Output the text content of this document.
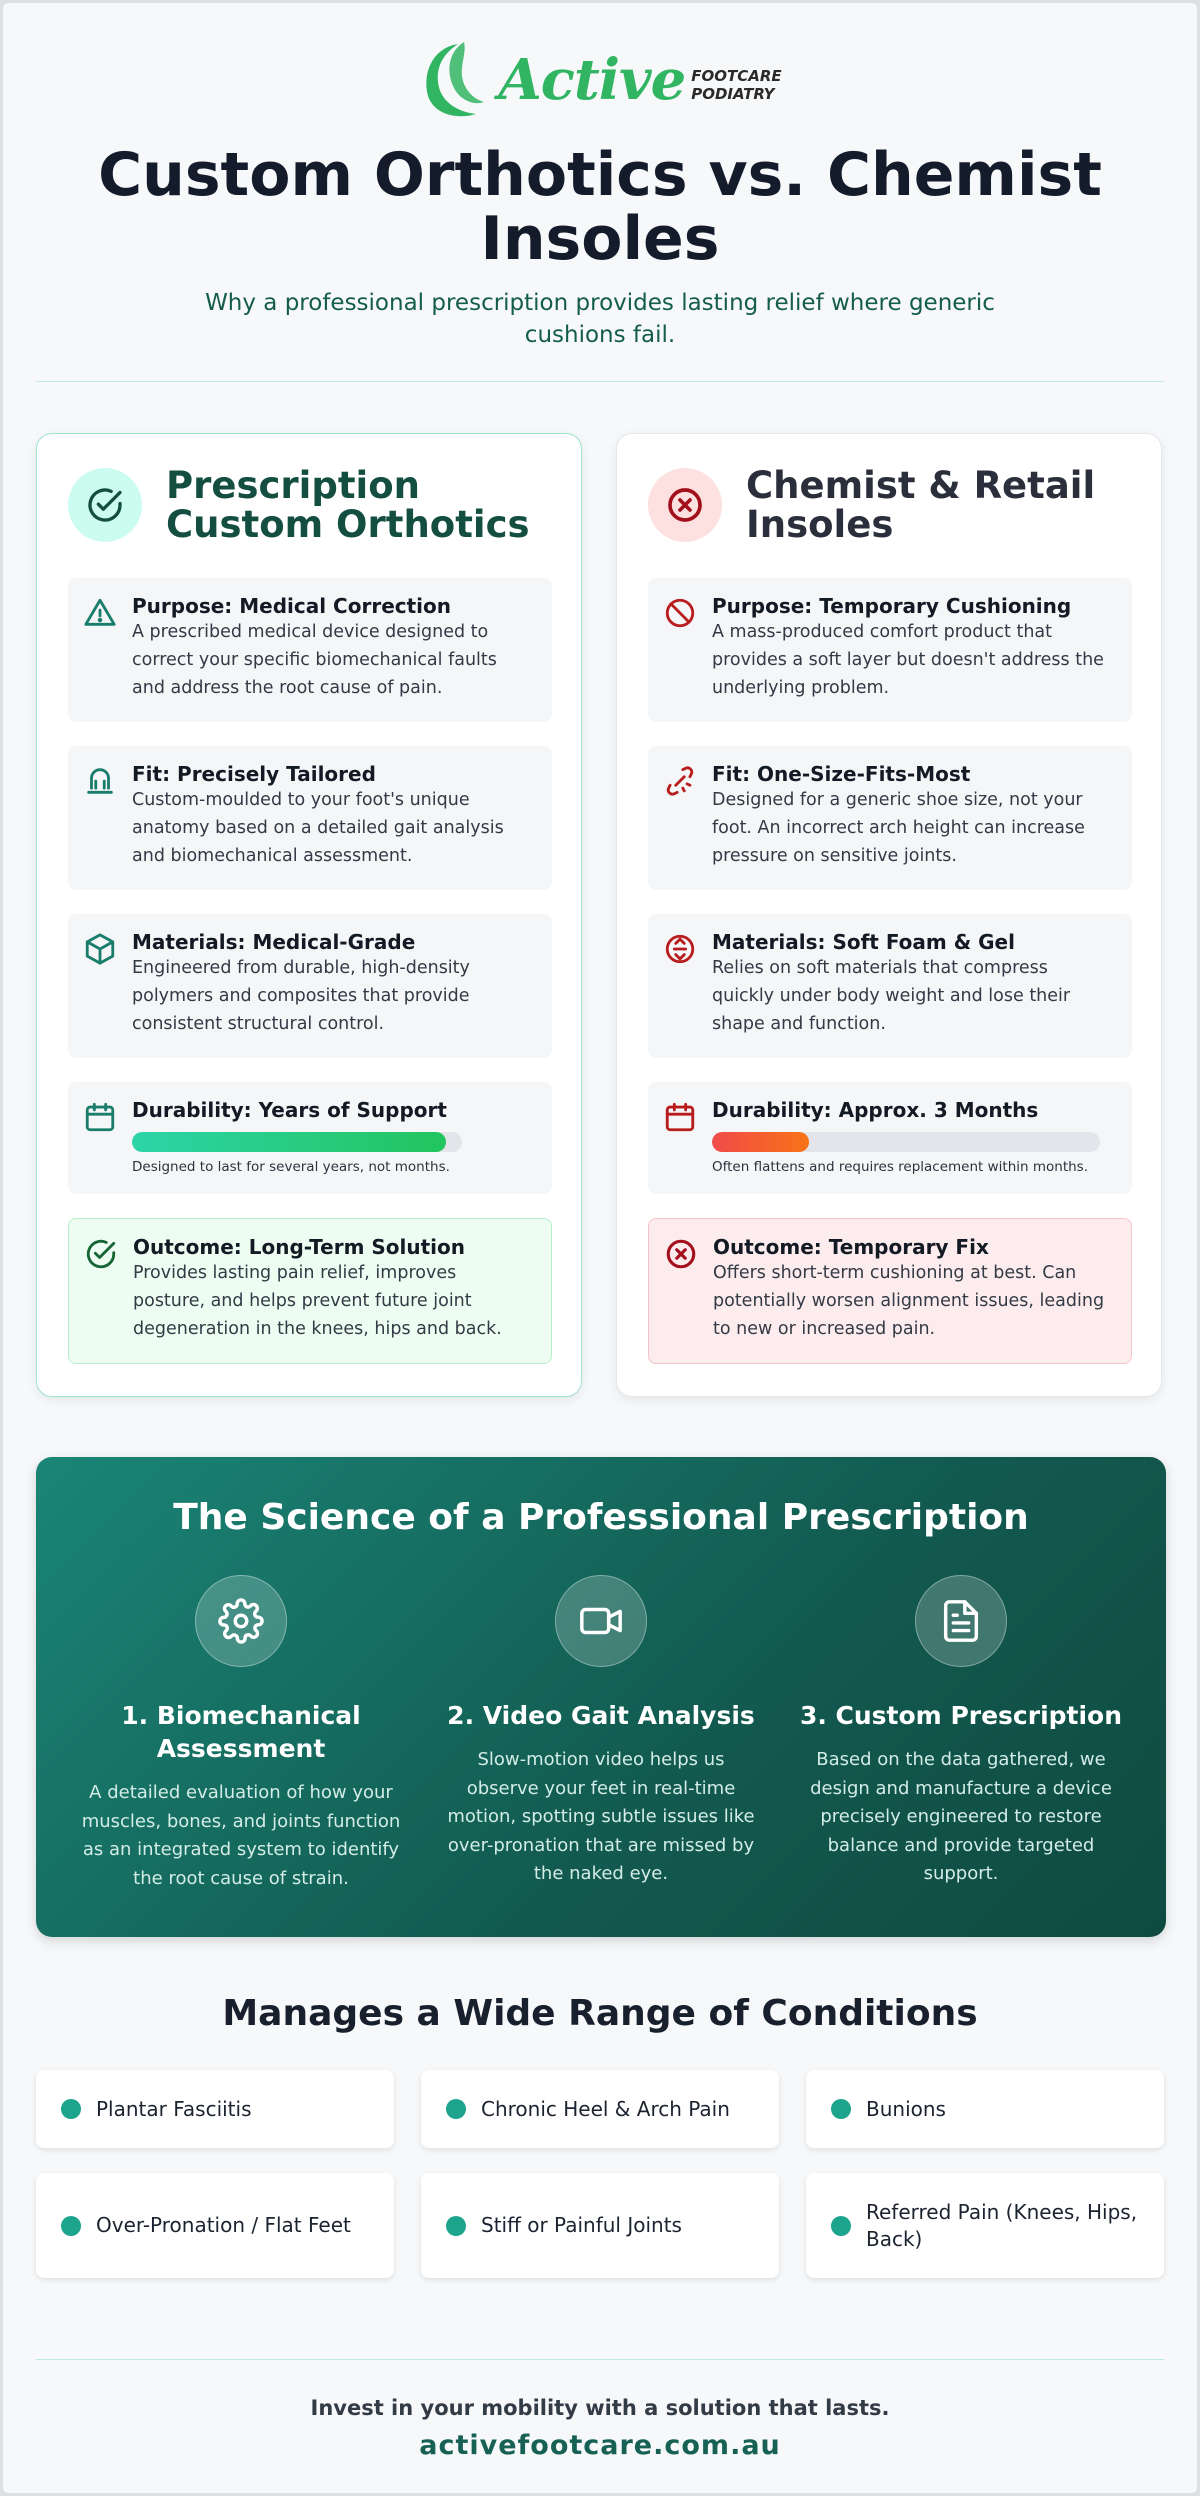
Active FOOTCARE
PODIATRY
Custom Orthotics vs. Chemist Insoles

Why a professional prescription provides lasting relief where generic cushions fail.

Prescription Custom Orthotics
Purpose: Medical Correction

A prescribed medical device designed to correct your specific biomechanical faults and address the root cause of pain.

Fit: Precisely Tailored

Custom-moulded to your foot's unique anatomy based on a detailed gait analysis and biomechanical assessment.

Materials: Medical-Grade

Engineered from durable, high-density polymers and composites that provide consistent structural control.

Durability: Years of Support
Designed to last for several years, not months.
Outcome: Long-Term Solution

Provides lasting pain relief, improves posture, and helps prevent future joint degeneration in the knees, hips and back.

Chemist & Retail Insoles
Purpose: Temporary Cushioning

A mass-produced comfort product that provides a soft layer but doesn't address the underlying problem.

Fit: One-Size-Fits-Most

Designed for a generic shoe size, not your foot. An incorrect arch height can increase pressure on sensitive joints.

Materials: Soft Foam & Gel

Relies on soft materials that compress quickly under body weight and lose their shape and function.

Durability: Approx. 3 Months
Often flattens and requires replacement within months.
Outcome: Temporary Fix

Offers short-term cushioning at best. Can potentially worsen alignment issues, leading to new or increased pain.

The Science of a Professional Prescription
1. Biomechanical Assessment

A detailed evaluation of how your muscles, bones, and joints function as an integrated system to identify the root cause of strain.

2. Video Gait Analysis

Slow-motion video helps us observe your feet in real-time motion, spotting subtle issues like over-pronation that are missed by the naked eye.

3. Custom Prescription

Based on the data gathered, we design and manufacture a device precisely engineered to restore balance and provide targeted support.

Manages a Wide Range of Conditions
Plantar Fasciitis	Chronic Heel & Arch Pain	Bunions
Over-Pronation / Flat Feet	Stiff or Painful Joints
Referred Pain (Knees, Hips, Back)

Invest in your mobility with a solution that lasts.

activefootcare.com.au
